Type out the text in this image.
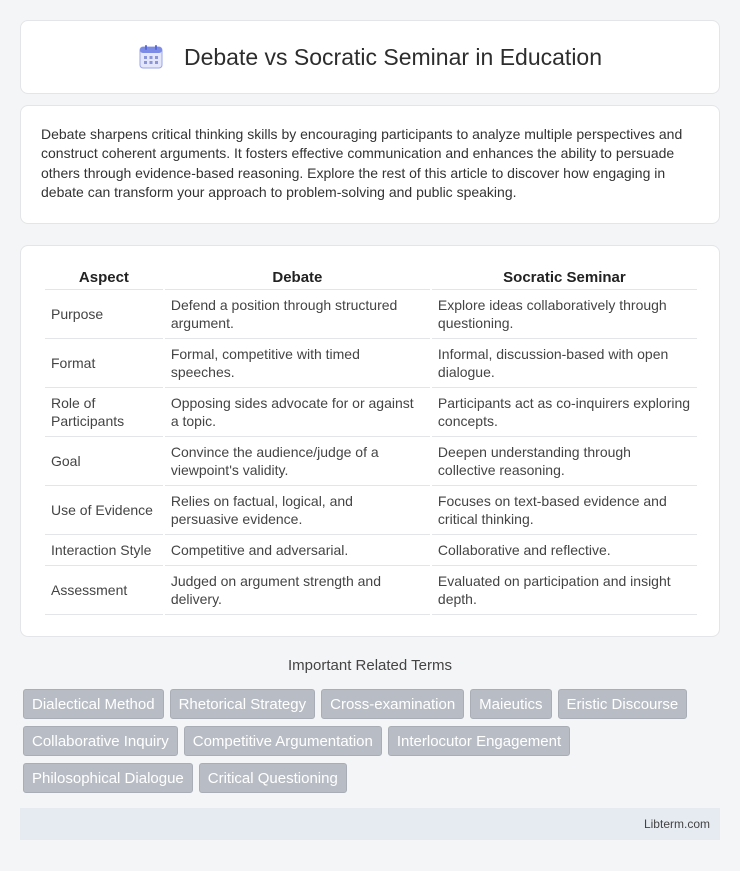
Debate vs Socratic Seminar in Education

Debate sharpens critical thinking skills by encouraging participants to analyze multiple perspectives and construct coherent arguments. It fosters effective communication and enhances the ability to persuade others through evidence-based reasoning. Explore the rest of this article to discover how engaging in debate can transform your approach to problem-solving and public speaking.

Aspect	Debate	Socratic Seminar
Purpose	Defend a position through structured argument.	Explore ideas collaboratively through questioning.
Format	Formal, competitive with timed speeches.	Informal, discussion-based with open dialogue.
Role of Participants	Opposing sides advocate for or against a topic.	Participants act as co-inquirers exploring concepts.
Goal	Convince the audience/judge of a viewpoint's validity.	Deepen understanding through collective reasoning.
Use of Evidence	Relies on factual, logical, and persuasive evidence.	Focuses on text-based evidence and critical thinking.
Interaction Style	Competitive and adversarial.	Collaborative and reflective.
Assessment	Judged on argument strength and delivery.	Evaluated on participation and insight depth.
Important Related Terms
Dialectical Method	Rhetorical Strategy	Cross-examination	Maieutics	Eristic Discourse
Collaborative Inquiry	Competitive Argumentation	Interlocutor Engagement
Philosophical Dialogue	Critical Questioning
Libterm.com
